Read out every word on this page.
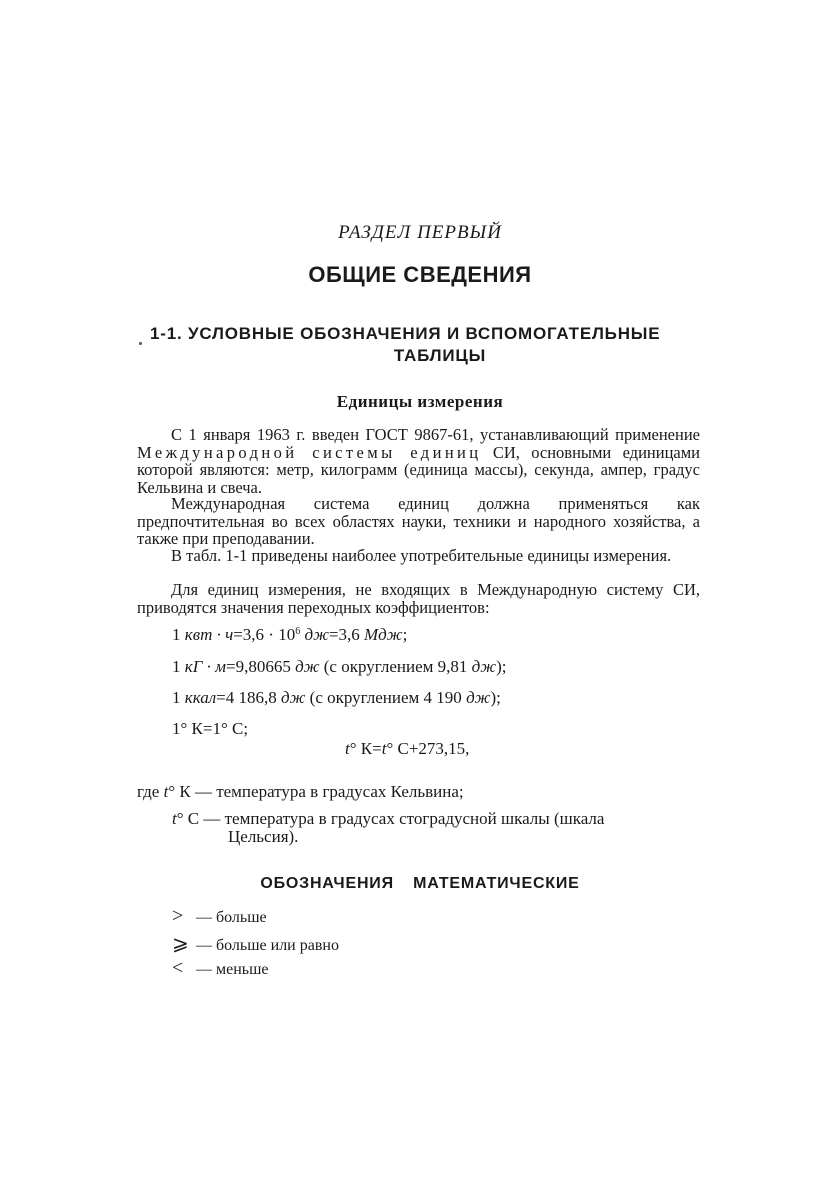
РАЗДЕЛ ПЕРВЫЙ
ОБЩИЕ СВЕДЕНИЯ
1-1. УСЛОВНЫЕ ОБОЗНАЧЕНИЯ И ВСПОМОГАТЕЛЬНЫЕ
ТАБЛИЦЫ
Единицы измерения
С 1 января 1963 г. введен ГОСТ 9867-61, устанавливающий применение Международной системы единиц СИ, основными единицами которой являются: метр, килограмм (единица массы), секунда, ампер, градус Кельвина и свеча.
Международная система единиц должна применяться как предпочтительная во всех областях науки, техники и народного хозяйства, а также при преподавании.
В табл. 1-1 приведены наиболее употребительные единицы измерения.
Для единиц измерения, не входящих в Международную систему СИ, приводятся значения переходных коэффициентов:
1 квт · $ч=3,6 \cdot 10^6$ дж=3,6 Мдж;
1 кГ · м=9,80665 дж (с округлением 9,81 дж);
1 ккал=4 186,8 дж (с округлением 4 190 дж);
1° К=1° С;
t° К=t° С+273,15,
где t° К — температура в градусах Кельвина;
t° С — температура в градусах стоградусной шкалы (шкала
Цельсия).
ОБОЗНАЧЕНИЯ МАТЕМАТИЧЕСКИЕ
> — больше
⩾ — больше или равно
< — меньше
